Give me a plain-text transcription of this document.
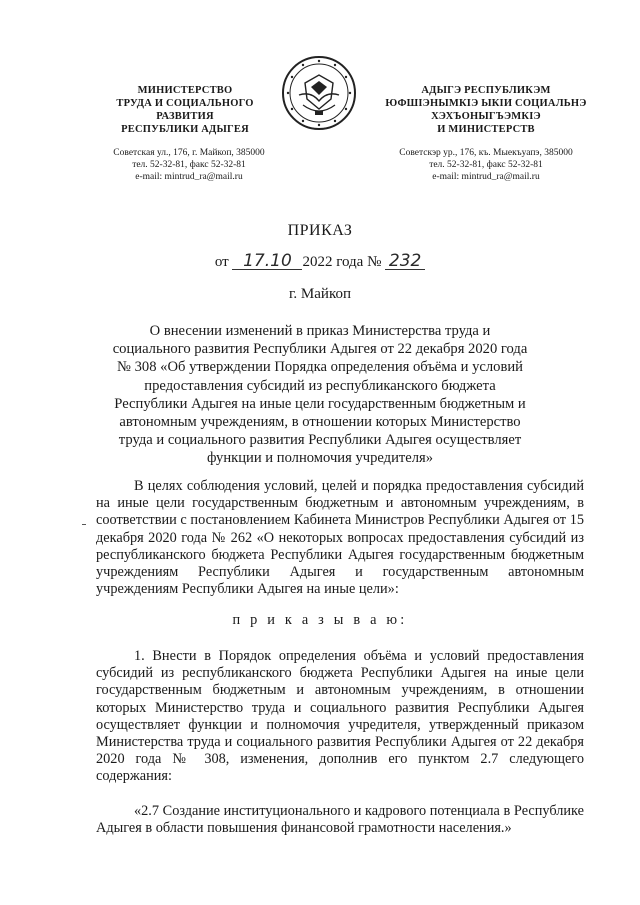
МИНИСТЕРСТВО
ТРУДА И СОЦИАЛЬНОГО
РАЗВИТИЯ
РЕСПУБЛИКИ АДЫГЕЯ
Советская ул., 176, г. Майкоп, 385000
тел. 52-32-81, факс 52-32-81
e-mail: mintrud_ra@mail.ru
АДЫГЭ РЕСПУБЛИКЭМ
ЮФШІЭНЫМКІЭ ЫКІИ СОЦИАЛЬНЭ
ХЭХЪОНЫГЪЭМКІЭ
И МИНИСТЕРСТВ
Советскэр ур., 176, къ. Мыекъуапэ, 385000
тел. 52-32-81, факс 52-32-81
e-mail: mintrud_ra@mail.ru
ПРИКАЗ
от 17.10 2022 года № 232
г. Майкоп
О внесении изменений в приказ Министерства труда и социального развития Республики Адыгея от 22 декабря 2020 года № 308 «Об утверждении Порядка определения объёма и условий предоставления субсидий из республиканского бюджета Республики Адыгея на иные цели государственным бюджетным и автономным учреждениям, в отношении которых Министерство труда и социального развития Республики Адыгея осуществляет функции и полномочия учредителя»
В целях соблюдения условий, целей и порядка предоставления субсидий на иные цели государственным бюджетным и автономным учреждениям, в соответствии с постановлением Кабинета Министров Республики Адыгея от 15 декабря 2020 года № 262 «О некоторых вопросах предоставления субсидий из республиканского бюджета Республики Адыгея государственным бюджетным учреждениям Республики Адыгея и государственным автономным учреждениям Республики Адыгея на иные цели»:
п р и к а з ы в а ю:
1. Внести в Порядок определения объёма и условий предоставления субсидий из республиканского бюджета Республики Адыгея на иные цели государственным бюджетным и автономным учреждениям, в отношении которых Министерство труда и социального развития Республики Адыгея осуществляет функции и полномочия учредителя, утвержденный приказом Министерства труда и социального развития Республики Адыгея от 22 декабря 2020 года № 308, изменения, дополнив его пунктом 2.7 следующего содержания:
«2.7 Создание институционального и кадрового потенциала в Республике Адыгея в области повышения финансовой грамотности населения.»
